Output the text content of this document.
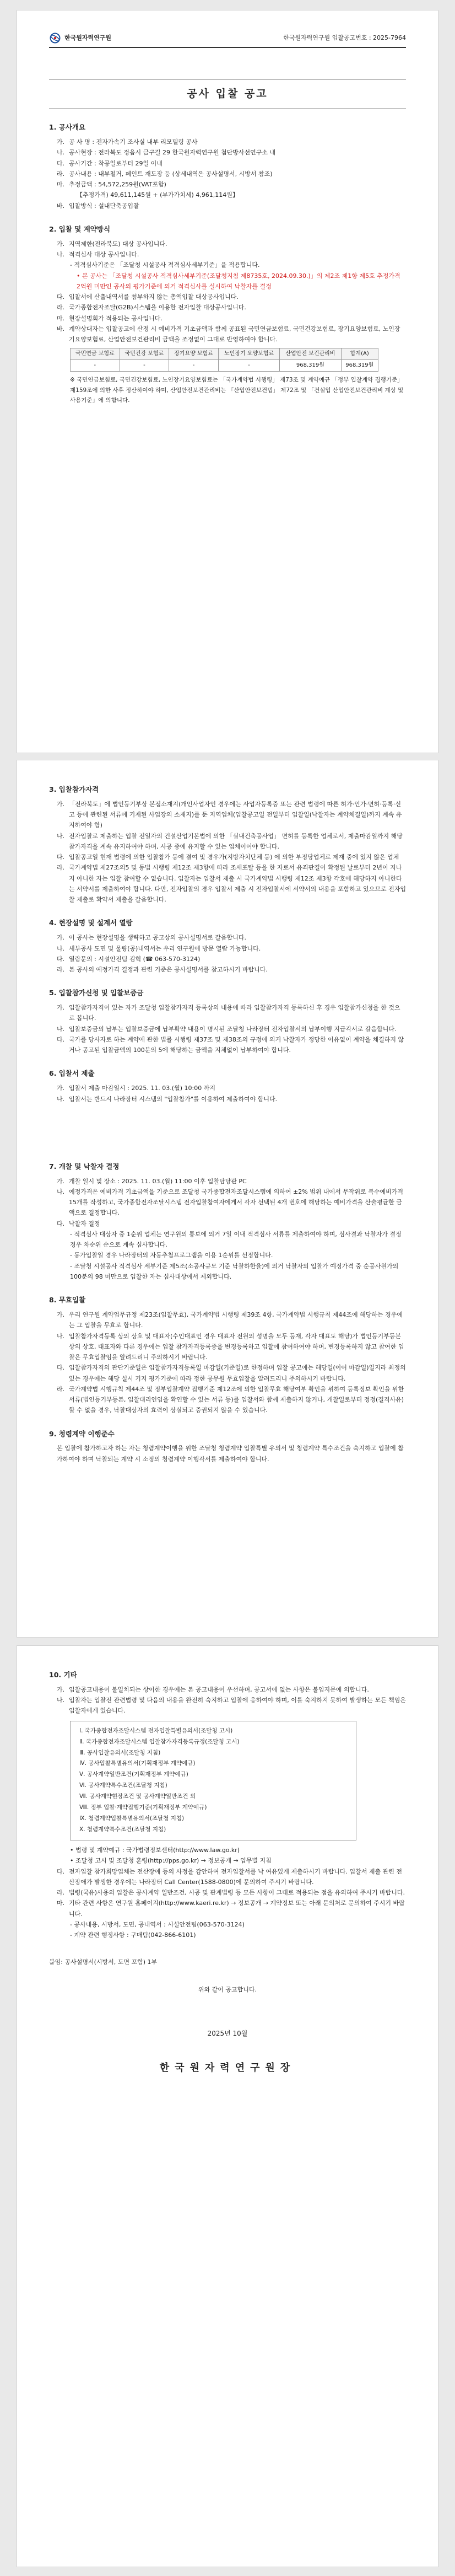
한국원자력연구원	한국원자력연구원 입찰공고번호 : 2025-7964
공사 입찰 공고
1. 공사개요
가. 공 사 명 : 전자가속기 조사실 내부 리모델링 공사
나. 공사현장 : 전라북도 정읍시 금구길 29 한국원자력연구원 첨단방사선연구소 내
다. 공사기간 : 착공일로부터 29일 이내
라. 공사내용 : 내부철거, 페인트 재도장 등 (상세내역은 공사설명서, 시방서 참조)
마. 추정금액 : 54,572,259원(VAT포함)
【추정가격) 49,611,145원 + (부가가치세) 4,961,114원】
바. 입찰방식 : 설내단축공입찰
2. 입찰 및 계약방식
가. 지역제한(전라북도) 대상 공사입니다.
나. 적격심사 대상 공사입니다.
- 적격심사기준은 「조달청 시설공사 적격심사세부기준」을 적용합니다.
• 본 공사는 「조달청 시설공사 적격심사세부기준(조달청지침 제8735호, 2024.09.30.)」의 제2조 제1항 제5호 추정가격 2억원 미만인 공사의 평가기준에 의거 적격심사를 실시하여 낙찰자를 결정
다. 입찰서에 산출내역서를 첨부하지 않는 총액입찰 대상공사입니다.
라. 국가종합전자조달(G2B)시스템을 이용한 전자입찰 대상공사입니다.
마. 현장설명회가 적용되는 공사입니다.
바. 계약상대자는 입찰공고에 산정 시 예비가격 기초금액과 함께 공표된 국민연금보험료, 국민건강보험료, 장기요양보험료, 노인장기요양보험료, 산업안전보건관리비 금액을 조정없이 그대로 반영하여야 합니다.
국민연금 보험료	국민건강 보험료	장기요양 보험료	노인장기 요양보험료	산업안전 보건관리비	합계(A)
-	-	-	-	968,319원	968,319원
※ 국민연금보험료, 국민건강보험료, 노인장기요양보험료는 「국가계약법 시행령」 제73조 및 계약예규 「정부 입찰계약 집행기준」 제159조에 의한 사후 정산하여야 하며, 산업안전보건관리비는 「산업안전보건법」 제72조 및 「건설업 산업안전보건관리비 계상 및 사용기준」에 의합니다.
3. 입찰참가자격
가. 「전라북도」에 법인등기부상 본점소재지(개인사업자인 경우에는 사업자등록증 또는 관련 법령에 따른 허가·인가·면허·등록·신고 등에 관련된 서류에 기재된 사업장의 소재지)를 둔 지역업체(입찰공고일 전일부터 입찰일(낙찰자는 계약체결일)까지 계속 유지하여야 함)
나. 전자입찰로 제출하는 입찰 전일자의 건설산업기본법에 의한 「실내건축공사업」 면허를 등록한 업체로서, 제출마감일까지 해당 참가자격을 계속 유지하여야 하며, 사공 중에 유지할 수 있는 업체이어야 합니다.
다. 입찰공고일 현재 법령에 의한 입찰참가 등에 결여 및 경우가(지방자치단체 등) 에 의한 부정당업체로 제재 중에 있지 않은 업체
라. 국가계약법 제27조의5 및 동법 시행령 제12조 제3항에 따라 조세포탈 등을 한 자로서 유죄판결이 확정된 날로부터 2년이 지나지 아니한 자는 입찰 참여할 수 없습니다. 입찰자는 입찰서 제출 시 국가계약법 시행령 제12조 제3항 각호에 해당하지 아니한다는 서약서를 제출하여야 합니다. 다만, 전자입찰의 경우 입찰서 제출 시 전자입찰서에 서약서의 내용을 포함하고 있으므로 전자입찰 제출로 확약서 제출을 갈음합니다.
4. 현장설명 및 설계서 열람
가. 이 공사는 현장설명을 생략하고 공고상의 공사설명서로 갈음합니다.
나. 세부공사 도면 및 물량(공)내역서는 우리 연구원에 방문 열람 가능합니다.
다. 열람문의 : 시설안전팀 김혁 (☎ 063-570-3124)
라. 본 공사의 예정가격 결정과 관련 기준은 공사설명서를 참고하시기 바랍니다.
5. 입찰참가신청 및 입찰보증금
가. 입찰참가자격이 있는 자가 조달청 입찰참가자격 등록상의 내용에 따라 입찰참가자격 등록하신 후 경우 입찰참가신청을 한 것으로 봅니다.
나. 입찰보증금의 납부는 입찰보증금에 납부확약 내용이 명시된 조달청 나라장터 전자입찰서의 납부이행 지급각서로 갈음합니다.
다. 국가를 당사자로 하는 계약에 관한 법률 시행령 제37조 및 제38조의 규정에 의거 낙찰자가 정당한 이유없이 계약을 체결하지 않거나 공고된 입찰금액의 100분의 5에 해당하는 금액을 지체없이 납부하여야 합니다.
6. 입찰서 제출
가. 입찰서 제출 마감일시 : 2025. 11. 03.(월) 10:00 까지
나. 입찰서는 반드시 나라장터 시스템의 "입찰참가"를 이용하여 제출하여야 합니다.
7. 개찰 및 낙찰자 결정
가. 개찰 일시 및 장소 : 2025. 11. 03.(월) 11:00 이후 입찰담당관 PC
나. 예정가격은 예비가격 기초금액을 기준으로 조달청 국가종합전자조달시스템에 의하여 ±2% 범위 내에서 무작위로 복수예비가격 15개를 작성하고, 국가종합전자조달시스템 전자입찰참여자에게서 각자 선택된 4개 번호에 해당하는 예비가격을 산술평균한 금액으로 결정합니다.
다. 낙찰자 결정
- 적격심사 대상자 중 1순위 업체는 연구원의 통보에 의거 7일 이내 적격심사 서류를 제출하여야 하며, 심사결과 낙찰자가 결정 경우 차순위 순으로 계속 심사합니다.
- 동가입찰일 경우 나라장터의 자동추첨프로그램을 이용 1순위를 선정합니다.
- 조달청 시설공사 적격심사 세부기준 제5조(소공사규모 기준 낙찰하한율)에 의거 낙찰자의 입찰가 예정가격 중 순공사원가의 100분의 98 미만으로 입찰한 자는 심사대상에서 제외합니다.
8. 무효입찰
가. 우리 연구원 계약업무규정 제23조(입찰무효), 국가계약법 시행령 제39조 4항, 국가계약법 시행규칙 제44조에 해당하는 경우에는 그 입찰을 무효로 합니다.
나. 입찰참가자격등록 상의 상호 및 대표자(수인대표인 경우 대표자 전원의 성명을 모두 등재, 각자 대표도 해당)가 법인등기부등본 상의 상호, 대표자와 다른 경우에는 입찰 참가자격등록증을 변경등록하고 입찰에 참여하여야 하며, 변경등록하지 않고 참여한 입찰은 무효입찰임을 알려드리니 주의하시기 바랍니다.
다. 입찰참가자격의 판단기준일은 입찰참가자격등록일 마감일(기준일)로 한정하며 입찰 공고에는 해당일(이어 마감일)일지라 최정의 있는 경우에는 해당 실시 기지 평가기준에 따라 정한 공무원 무효입찰을 알려드리니 주의하시기 바랍니다.
라. 국가계약법 시행규칙 제44조 및 정부입찰계약 집행기준 제12조에 의한 입찰무효 해당여부 확인을 위하여 등록정보 확인을 위한 서류(법인등기부등본, 입찰대리인임을 확인할 수 있는 서류 등)를 입찰서와 함께 제출하지 않거나, 개찰일로부터 정정(결격사유)할 수 없을 경우, 낙찰대상자의 효력이 상실되고 증권되지 않을 수 있습니다.
9. 청렴계약 이행준수
본 입찰에 참가하고자 하는 자는 청렴계약이행을 위한 조달청 청렴계약 입찰특별 유의서 및 청렴계약 특수조건을 숙지하고 입찰에 참가하여야 하며 낙찰되는 계약 시 소정의 청렴계약 이행각서를 제출하여야 합니다.
10. 기타
가. 입찰공고내용이 불일치되는 상이한 경우에는 본 공고내용이 우선하며, 공고서에 없는 사항은 불임지문에 의합니다.
나. 입찰자는 입찰전 관련법령 및 다음의 내용을 완전히 숙지하고 입찰에 응하여야 하며, 이를 숙지하지 못하여 발생하는 모든 책임은 입찰자에게 있습니다.
Ⅰ. 국가종합전자조달시스템 전자입찰특별유의서(조달청 고시)
Ⅱ. 국가종합전자조달시스템 입찰참가자격등록규정(조달청 고시)
Ⅲ. 공사입찰유의서(조달청 지침)
Ⅳ. 공사입찰특별유의서(기획재정부 계약예규)
Ⅴ. 공사계약일반조건(기획재정부 계약예규)
Ⅵ. 공사계약특수조건(조달청 지침)
Ⅶ. 공사계약현장조건 및 공사계약일반조건 외
Ⅷ. 정부 입찰·계약집행기준(기획재정부 계약예규)
Ⅸ. 청렴계약입찰특별유의서(조달청 지침)
Ⅹ. 청렴계약특수조건(조달청 지침)
• 법령 및 계약예규 : 국가법령정보센터(http://www.law.go.kr)
• 조달청 고시 및 조달청 훈령(http://pps.go.kr) → 정보공개 → 업무별 지침
다. 전자입찰 참가희망업체는 전산장애 등의 사정을 감안하여 전자입찰서를 낙 여유있게 제출하시기 바랍니다. 입찰서 제출 관련 전산장애가 발생한 경우에는 나라장터 Call Center(1588-0800)에 문의하여 주시기 바랍니다.
라. 법령(국유)사용의 입찰은 공사계약 일반조건, 시공 및 관계법령 등 모든 사항이 그대로 적용되는 점을 유의하여 주시기 바랍니다.
마. 기타 관련 사항은 연구원 홈페이지(http://www.kaeri.re.kr) → 정보공개 → 계약정보 또는 아래 문의처로 문의하여 주시기 바랍니다.
- 공사내용, 시방서, 도면, 공내역서 : 시설안전팀(063-570-3124)
- 계약 관련 행정사항 : 구매팀(042-866-6101)
붙임: 공사설명서(시방서, 도면 포함) 1부
위와 같이 공고합니다.
2025년 10월
한국원자력연구원장
